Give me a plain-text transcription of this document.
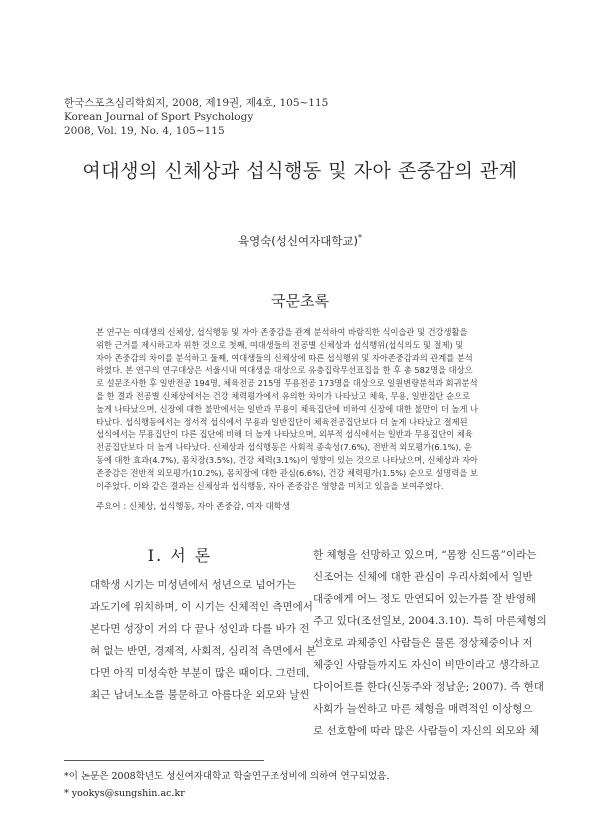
한국스포츠심리학회지, 2008, 제19권, 제4호, 105~115
Korean Journal of Sport Psychology
2008, Vol. 19, No. 4, 105~115
여대생의 신체상과 섭식행동 및 자아 존중감의 관계
육영숙(성신여자대학교)*
국문초록
본 연구는 여대생의 신체상, 섭식행동 및 자아 존중감을 관계 분석하여 바람직한 식이습관 및 건강생활을
위한 근거를 제시하고자 위한 것으로 첫째, 여대생들의 전공별 신체상과 섭식행위(섭식의도 및 절제) 및
자아 존중감의 차이를 분석하고 둘째, 여대생들의 신체상에 따른 섭식행위 및 자아존중감과의 관계를 분석
하였다. 본 연구의 연구대상은 서울시내 여대생을 대상으로 유층집락무선표집을 한 후 총 582명을 대상으
로 설문조사한 후 일반전공 194명, 체육전공 215명 무용전공 173명을 대상으로 일원변량분석과 회귀분석
을 한 결과 전공별 신체상에서는 건강 체력평가에서 유의한 차이가 나타났고 체육, 무용, 일반집단 순으로
높게 나타났으며, 신장에 대한 불만에서는 일반과 무용이 체육집단에 비하여 신장에 대한 불만이 더 높게 나
타났다. 섭식행동에서는 정서적 섭식에서 무용과 일반집단이 체육전공집단보다 더 높게 나타났고 절제된
섭식에서는 무용집단이 다른 집단에 비해 더 높게 나타났으며, 외부적 섭식에서는 일반과 무용집단이 체육
전공집단보다 더 높게 나타났다. 신체상과 섭식행동은 사회적 종속성(7.6%), 전반적 외모평가(6.1%), 운
동에 대한 효과(4.7%), 몸치장(3.5%), 건강 체력(3.1%)이 영향이 있는 것으로 나타났으며, 신체상과 자아
존중감은 전반적 외모평가(10.2%), 몸치장에 대한 관심(6.6%), 건강 체력평가(1.5%) 순으로 설명력을 보
이주었다. 이와 같은 결과는 신체상과 섭식행동, 자아 존중감은 영향을 미치고 있음을 보여주었다.
주요어 : 신체상, 섭식행동, 자아 존중감, 여자 대학생
Ⅰ. 서 론
대학생 시기는 미성년에서 성년으로 넘어가는
과도기에 위치하며, 이 시기는 신체적인 측면에서
본다면 성장이 거의 다 끝나 성인과 다를 바가 전
혀 없는 반면, 경제적, 사회적, 심리적 측면에서 본
다면 아직 미성숙한 부분이 많은 때이다. 그런데,
최근 남녀노소를 불문하고 아름다운 외모와 날씬
한 체형을 선망하고 있으며, “몸짱 신드롬”이라는
신조어는 신체에 대한 관심이 우리사회에서 일반
대중에게 어느 정도 만연되어 있는가를 잘 반영해
주고 있다(조선일보, 2004.3.10). 특히 마른체형의
선호로 과체중인 사람들은 물론 정상체중이나 저
체중인 사람들까지도 자신이 비만이라고 생각하고
다이어트를 한다(신동주와 정남운; 2007). 즉 현대
사회가 늘씬하고 마른 체형을 매력적인 이상형으
로 선호함에 따라 많은 사람들이 자신의 외모와 체
*이 논문은 2008학년도 성신여자대학교 학술연구조성비에 의하여 연구되었음.
* yookys@sungshin.ac.kr
